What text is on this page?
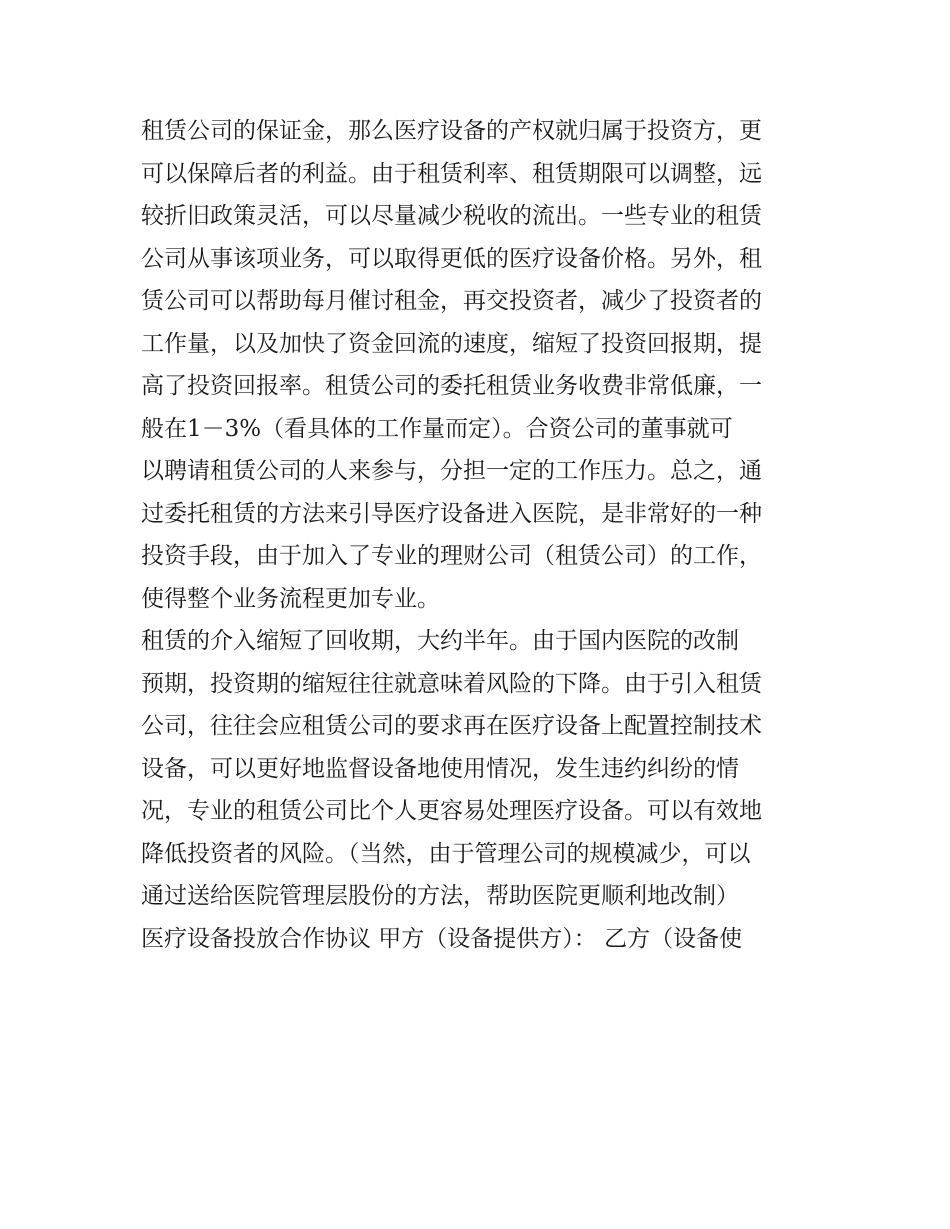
租赁公司的保证金，那么医疗设备的产权就归属于投资方，更
可以保障后者的利益。由于租赁利率、租赁期限可以调整，远
较折旧政策灵活，可以尽量减少税收的流出。一些专业的租赁
公司从事该项业务，可以取得更低的医疗设备价格。另外，租
赁公司可以帮助每月催讨租金，再交投资者，减少了投资者的
工作量，以及加快了资金回流的速度，缩短了投资回报期，提
高了投资回报率。租赁公司的委托租赁业务收费非常低廉，一
般在1－3%（看具体的工作量而定）。合资公司的董事就可
以聘请租赁公司的人来参与，分担一定的工作压力。总之，通
过委托租赁的方法来引导医疗设备进入医院，是非常好的一种
投资手段，由于加入了专业的理财公司（租赁公司）的工作，
使得整个业务流程更加专业。
租赁的介入缩短了回收期，大约半年。由于国内医院的改制
预期，投资期的缩短往往就意味着风险的下降。由于引入租赁
公司，往往会应租赁公司的要求再在医疗设备上配置控制技术
设备，可以更好地监督设备地使用情况，发生违约纠纷的情
况，专业的租赁公司比个人更容易处理医疗设备。可以有效地
降低投资者的风险。（当然，由于管理公司的规模减少，可以
通过送给医院管理层股份的方法，帮助医院更顺利地改制）
医疗设备投放合作协议 甲方（设备提供方）： 乙方（设备使
